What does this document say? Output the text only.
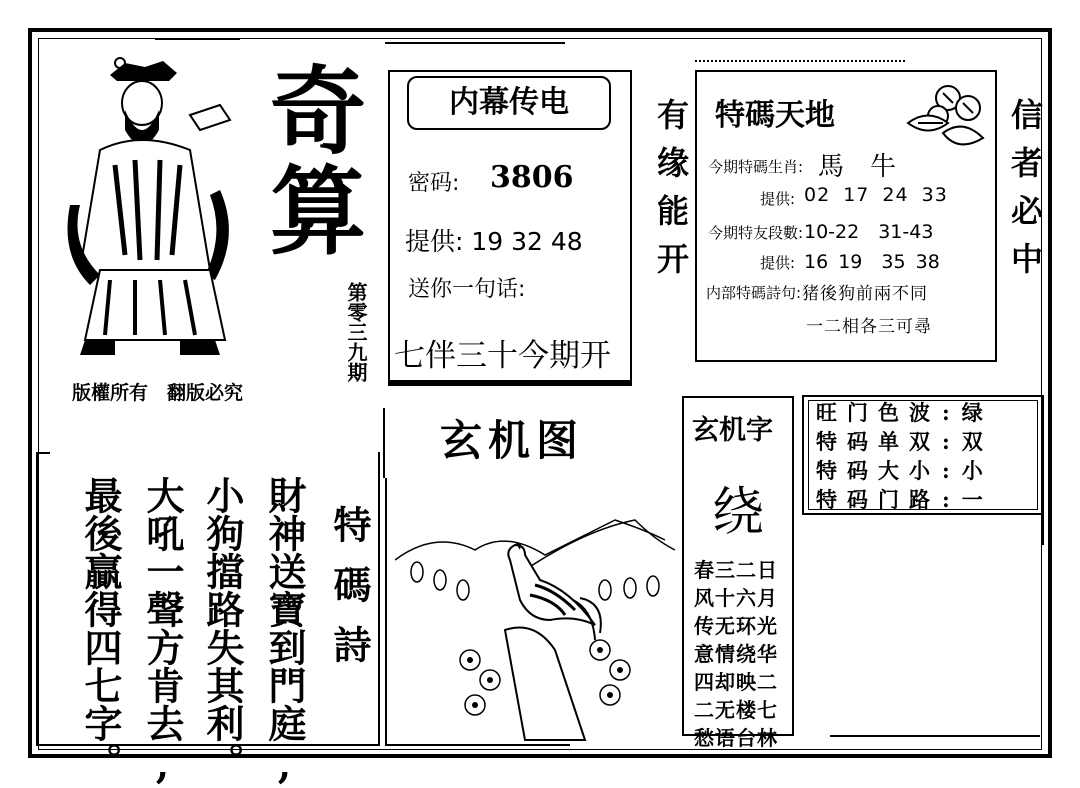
奇
算
第零三九期
版權所有　翻版必究
特碼詩
財神送寶到門庭,
小狗擋路失其利。
大吼一聲方肯去,
最後贏得四七字。
内幕传电
密码: 3806
提供: 19 32 48
送你一句话:
七伴三十今期开
有缘能开
玄机图
特碼天地
今期特碼生肖: 馬　牛
提供: 02 17 24 33
今期特友段數: 10-22　31-43
提供: 16 19　35 38
内部特碼詩句: 猪後狗前兩不同
一二相各三可尋
信者必中
玄机字
绕
春三二日
风十六月
传无环光
意情绕华
四却映二
二无楼七
愁语台林
旺门色波: 绿
特码单双: 双
特码大小: 小
特码门路: 一
